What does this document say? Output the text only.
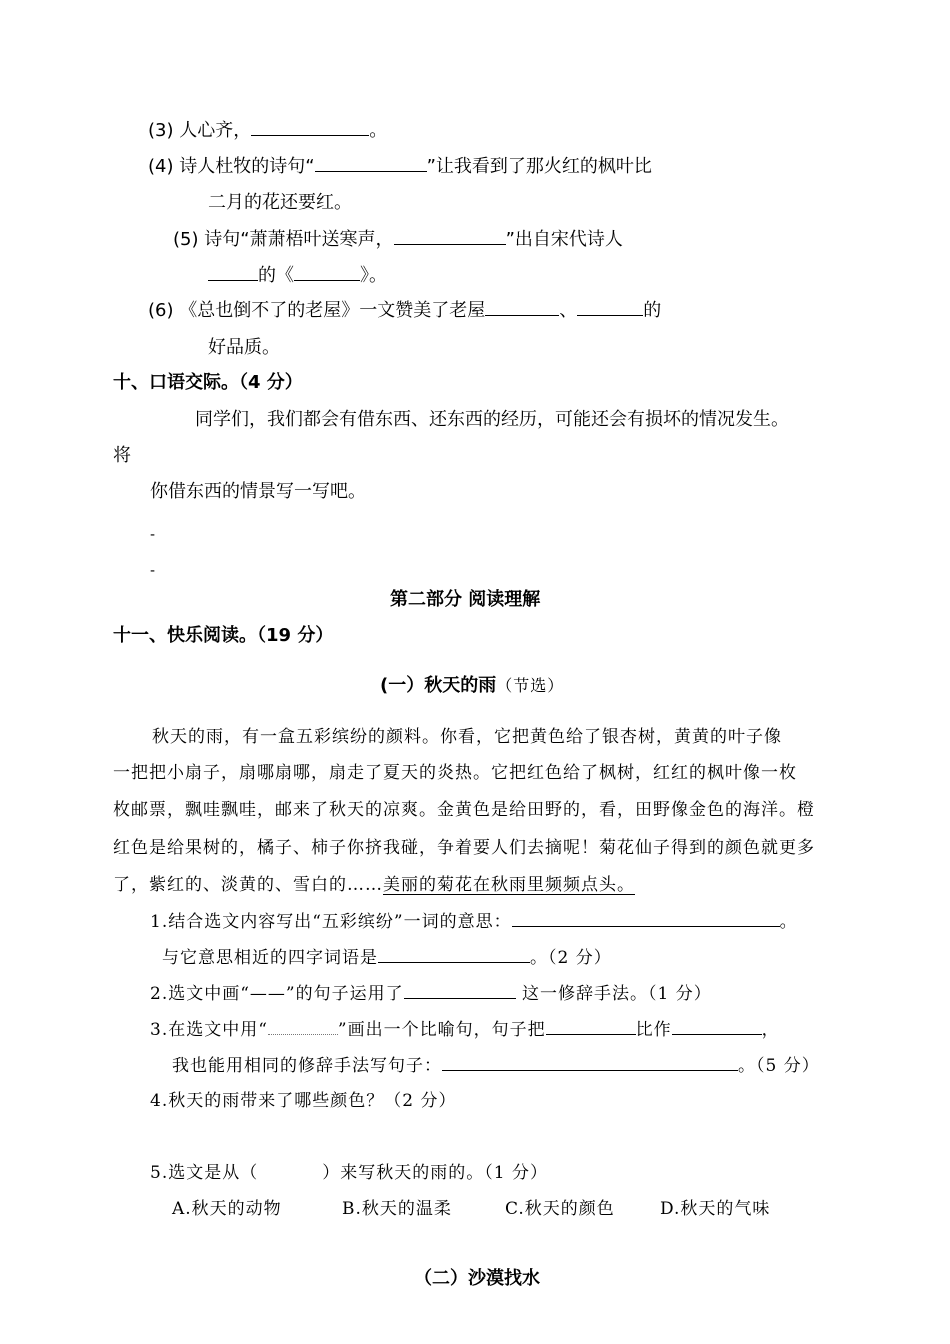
(3) 人心齐，	。
(4) 诗人杜牧的诗句“	”让我看到了那火红的枫叶比
二月的花还要红。
(5) 诗句“萧萧梧叶送寒声，	”出自宋代诗人
的《	》。
(6) 《总也倒不了的老屋》一文赞美了老屋	、	的
好品质。
十、口语交际。（4 分）
同学们，我们都会有借东西、还东西的经历，可能还会有损坏的情况发生。
将
你借东西的情景写一写吧。
-
-
第二部分 阅读理解
十一、快乐阅读。（19 分）
(一）秋天的雨（节选）
秋天的雨，有一盒五彩缤纷的颜料。你看，它把黄色给了银杏树，黄黄的叶子像
一把把小扇子，扇哪扇哪，扇走了夏天的炎热。它把红色给了枫树，红红的枫叶像一枚
枚邮票，飘哇飘哇，邮来了秋天的凉爽。金黄色是给田野的，看，田野像金色的海洋。橙
红色是给果树的，橘子、柿子你挤我碰，争着要人们去摘呢！菊花仙子得到的颜色就更多
了，紫红的、淡黄的、雪白的……美丽的菊花在秋雨里频频点头。
1.结合选文内容写出“五彩缤纷”一词的意思：	。
与它意思相近的四字词语是	。（2 分）
2.选文中画“——”的句子运用了	这一修辞手法。（1 分）
3.在选文中用“	”画出一个比喻句，句子把	比作	，
我也能用相同的修辞手法写句子：	。（5 分）
4.秋天的雨带来了哪些颜色？（2 分）
5.选文是从（          ）来写秋天的雨的。（1 分）
A.秋天的动物	B.秋天的温柔	C.秋天的颜色	D.秋天的气味
（二）沙漠找水
